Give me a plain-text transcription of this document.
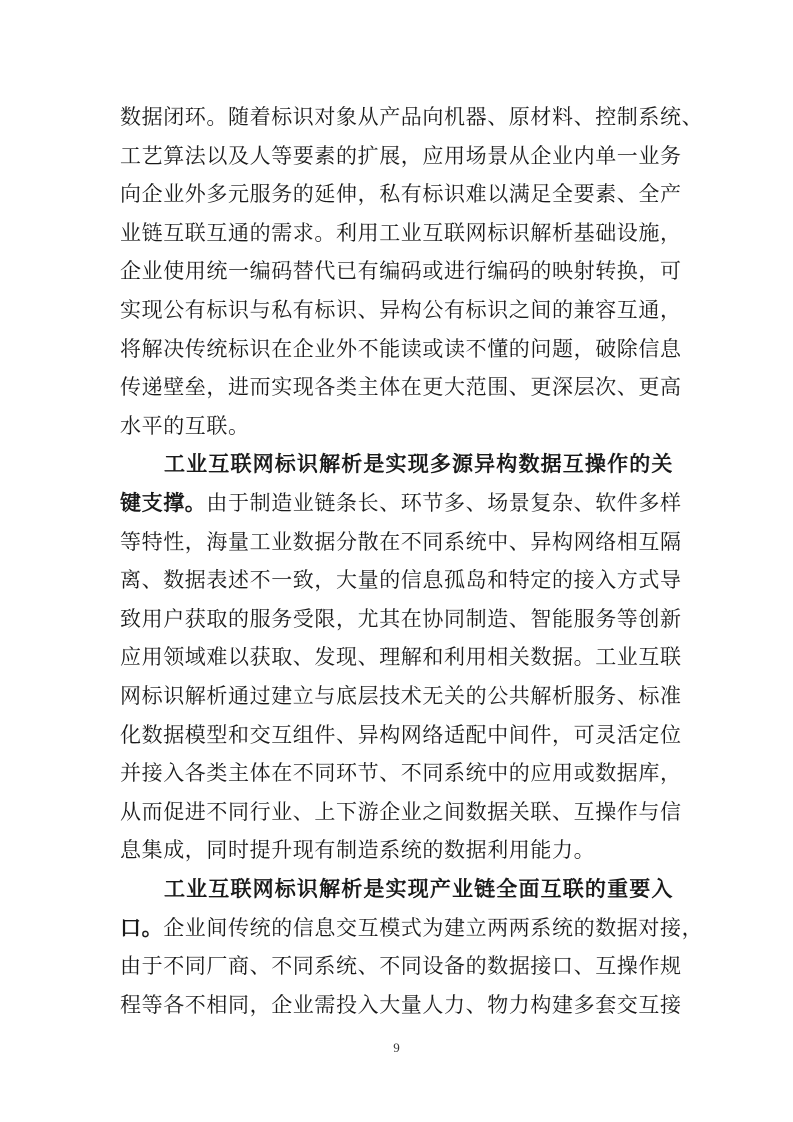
数据闭环。随着标识对象从产品向机器、原材料、控制系统、
工艺算法以及人等要素的扩展，应用场景从企业内单一业务
向企业外多元服务的延伸，私有标识难以满足全要素、全产
业链互联互通的需求。利用工业互联网标识解析基础设施，
企业使用统一编码替代已有编码或进行编码的映射转换，可
实现公有标识与私有标识、异构公有标识之间的兼容互通，
将解决传统标识在企业外不能读或读不懂的问题，破除信息
传递壁垒，进而实现各类主体在更大范围、更深层次、更高
水平的互联。
工业互联网标识解析是实现多源异构数据互操作的关
键支撑。由于制造业链条长、环节多、场景复杂、软件多样
等特性，海量工业数据分散在不同系统中、异构网络相互隔
离、数据表述不一致，大量的信息孤岛和特定的接入方式导
致用户获取的服务受限，尤其在协同制造、智能服务等创新
应用领域难以获取、发现、理解和利用相关数据。工业互联
网标识解析通过建立与底层技术无关的公共解析服务、标准
化数据模型和交互组件、异构网络适配中间件，可灵活定位
并接入各类主体在不同环节、不同系统中的应用或数据库，
从而促进不同行业、上下游企业之间数据关联、互操作与信
息集成，同时提升现有制造系统的数据利用能力。
工业互联网标识解析是实现产业链全面互联的重要入
口。企业间传统的信息交互模式为建立两两系统的数据对接，
由于不同厂商、不同系统、不同设备的数据接口、互操作规
程等各不相同，企业需投入大量人力、物力构建多套交互接
9
